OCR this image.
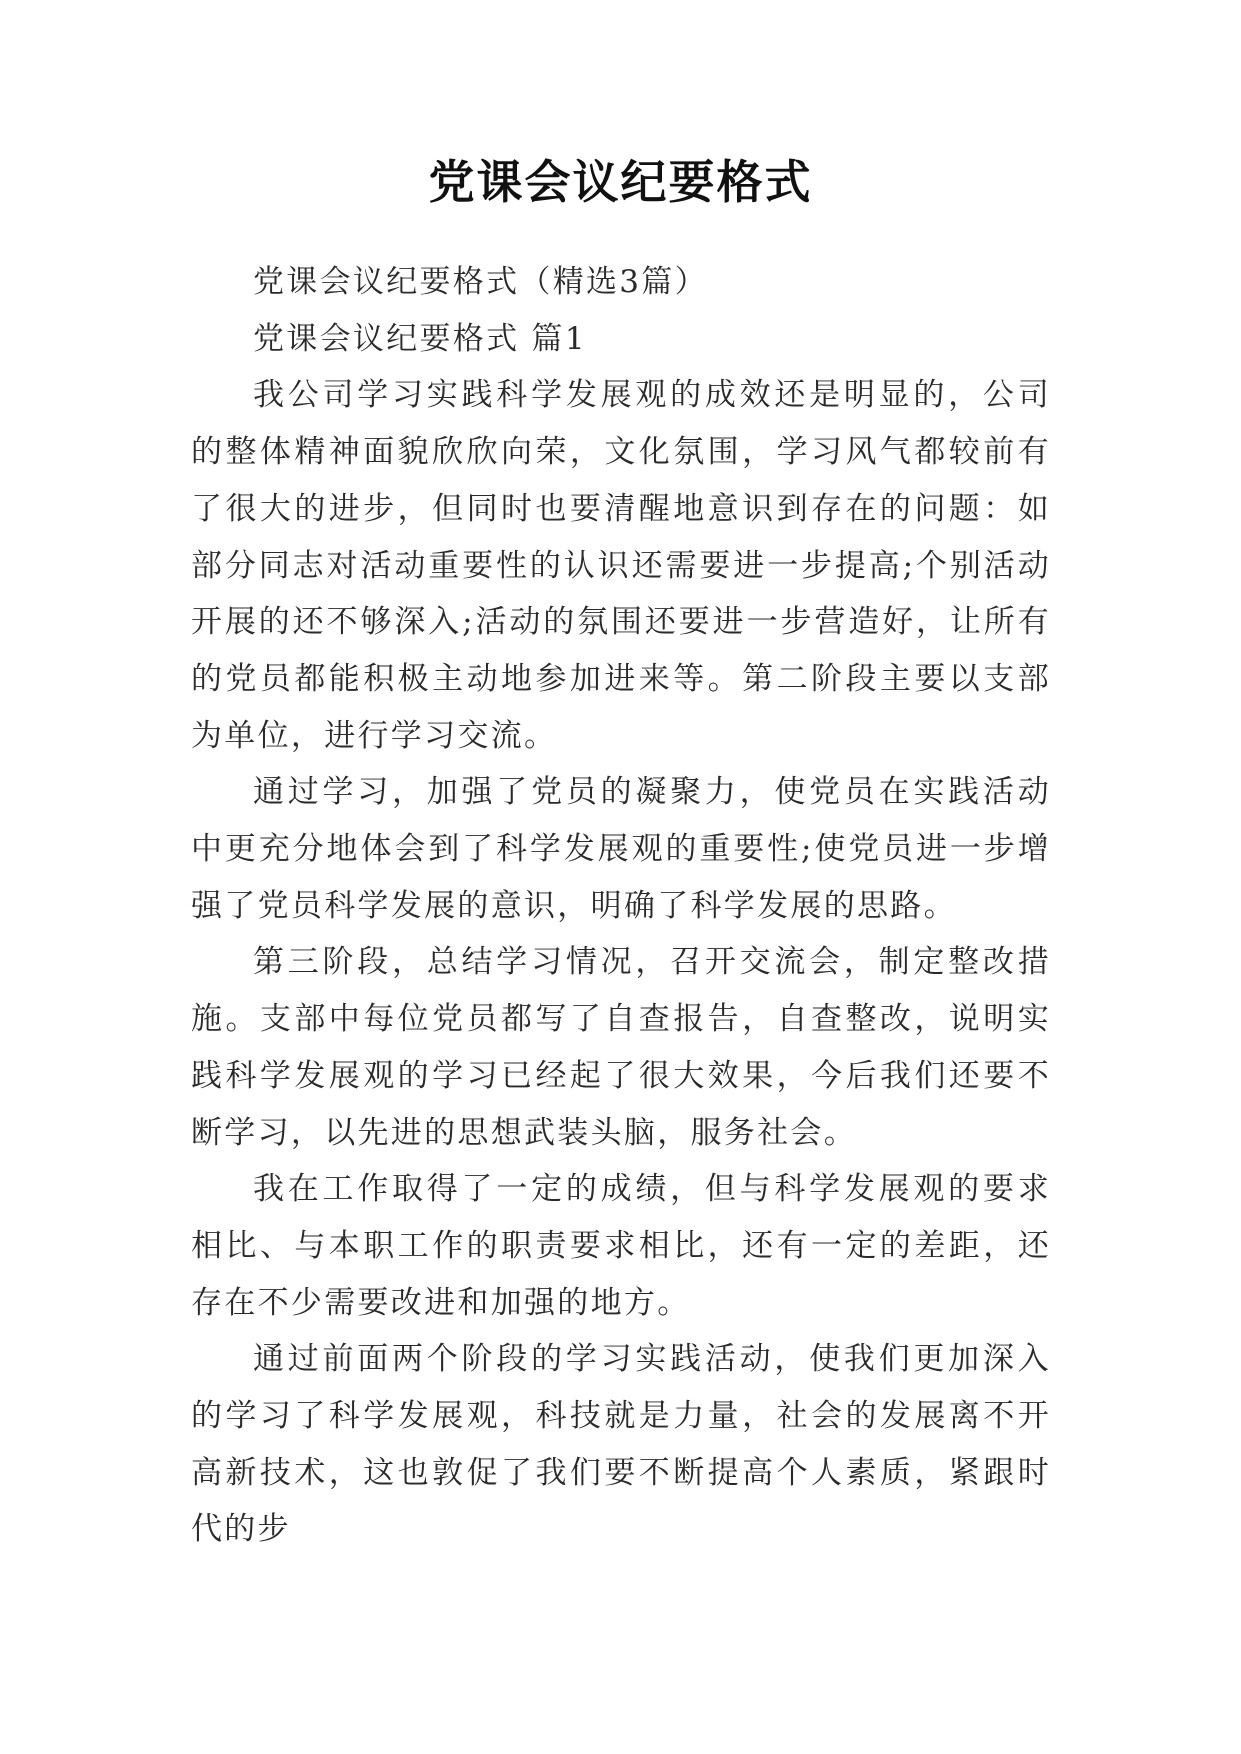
党课会议纪要格式

党课会议纪要格式（精选3篇）

党课会议纪要格式 篇1

我公司学习实践科学发展观的成效还是明显的，公司的整体精神面貌欣欣向荣，文化氛围，学习风气都较前有了很大的进步，但同时也要清醒地意识到存在的问题：如部分同志对活动重要性的认识还需要进一步提高;个别活动开展的还不够深入;活动的氛围还要进一步营造好，让所有的党员都能积极主动地参加进来等。第二阶段主要以支部为单位，进行学习交流。

通过学习，加强了党员的凝聚力，使党员在实践活动中更充分地体会到了科学发展观的重要性;使党员进一步增强了党员科学发展的意识，明确了科学发展的思路。

第三阶段，总结学习情况，召开交流会，制定整改措施。支部中每位党员都写了自查报告，自查整改，说明实践科学发展观的学习已经起了很大效果，今后我们还要不断学习，以先进的思想武装头脑，服务社会。

我在工作取得了一定的成绩，但与科学发展观的要求相比、与本职工作的职责要求相比，还有一定的差距，还存在不少需要改进和加强的地方。

通过前面两个阶段的学习实践活动，使我们更加深入的学习了科学发展观，科技就是力量，社会的发展离不开高新技术，这也敦促了我们要不断提高个人素质，紧跟时代的步
